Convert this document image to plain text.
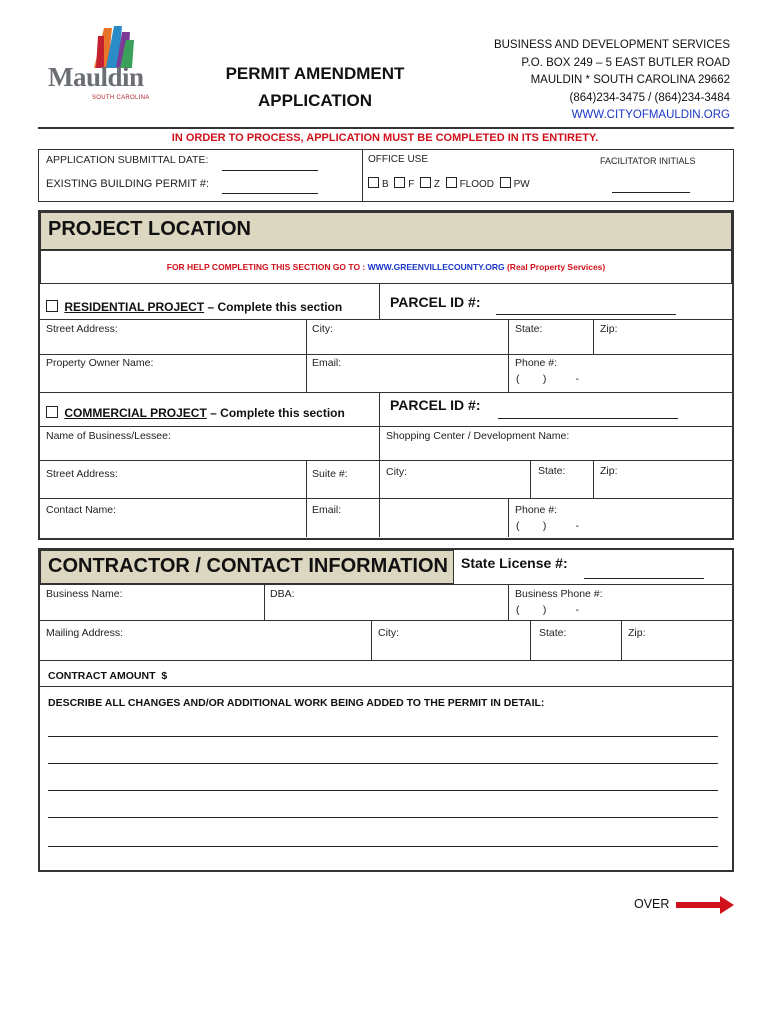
Mauldin
SOUTH CAROLINA
PERMIT AMENDMENT
APPLICATION
BUSINESS AND DEVELOPMENT SERVICES
P.O. BOX 249 – 5 EAST BUTLER ROAD
MAULDIN * SOUTH CAROLINA 29662
(864)234-3475 / (864)234-3484
WWW.CITYOFMAULDIN.ORG
IN ORDER TO PROCESS, APPLICATION MUST BE COMPLETED IN ITS ENTIRETY.
APPLICATION SUBMITTAL DATE:
EXISTING BUILDING PERMIT #:
OFFICE USE	FACILITATOR INITIALS
B F Z FLOOD PW
PROJECT LOCATION
FOR HELP COMPLETING THIS SECTION GO TO : WWW.GREENVILLECOUNTY.ORG (Real Property Services)
RESIDENTIAL PROJECT – Complete this section	PARCEL ID #:
Street Address:	City:	State:	Zip:
Property Owner Name:	Email:	Phone #:
(        )          -
COMMERCIAL PROJECT – Complete this section	PARCEL ID #:
Name of Business/Lessee:	Shopping Center / Development Name:
Street Address:	Suite #:	City:	State:	Zip:
Contact Name:	Email:	Phone #:
(        )          -
CONTRACTOR / CONTACT INFORMATION State License #:
Business Name:	DBA:	Business Phone #:
(        )          -
Mailing Address:	City:	State:	Zip:
CONTRACT AMOUNT  $
DESCRIBE ALL CHANGES AND/OR ADDITIONAL WORK BEING ADDED TO THE PERMIT IN DETAIL:
OVER
